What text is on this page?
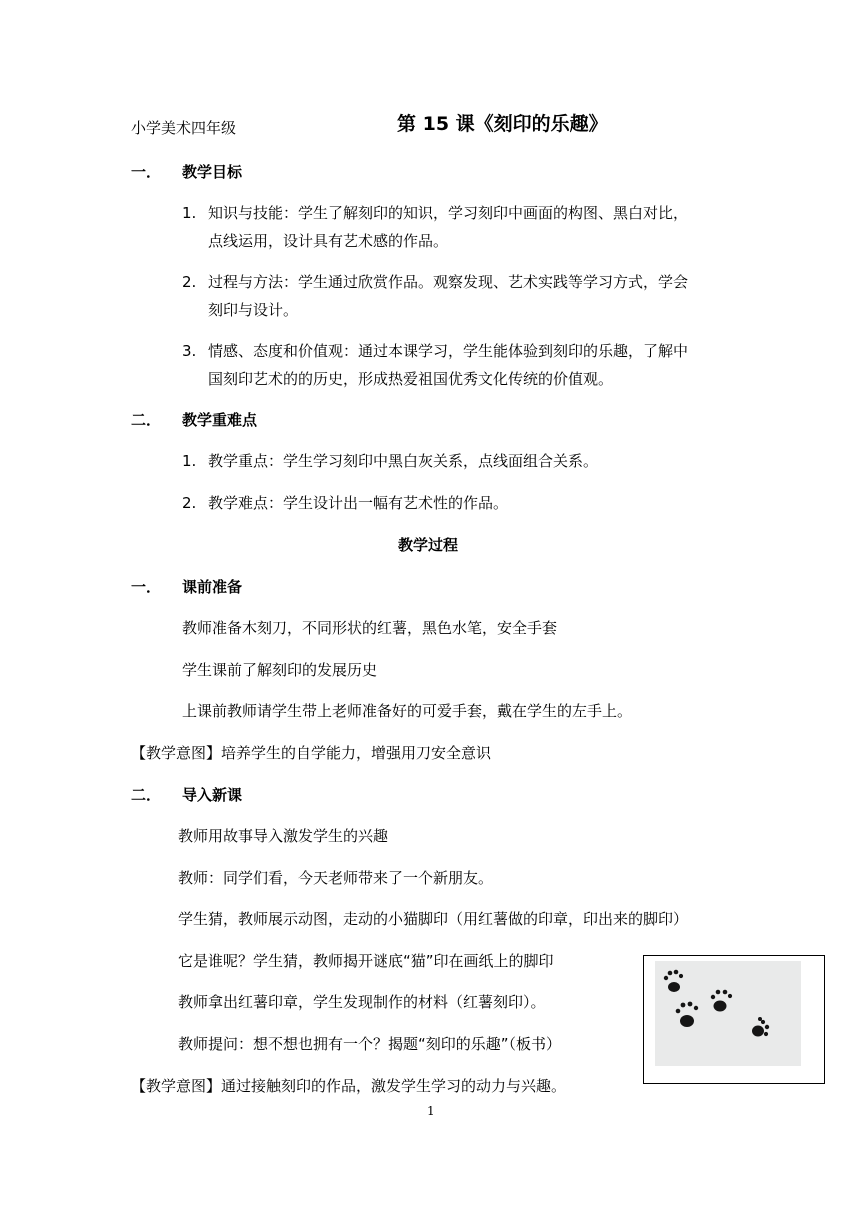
小学美术四年级	第 15 课《刻印的乐趣》
一． 教学目标
1. 知识与技能：学生了解刻印的知识，学习刻印中画面的构图、黑白对比，
点线运用，设计具有艺术感的作品。
2. 过程与方法：学生通过欣赏作品。观察发现、艺术实践等学习方式，学会
刻印与设计。
3. 情感、态度和价值观：通过本课学习，学生能体验到刻印的乐趣，了解中
国刻印艺术的的历史，形成热爱祖国优秀文化传统的价值观。
二． 教学重难点
1. 教学重点：学生学习刻印中黑白灰关系，点线面组合关系。
2. 教学难点：学生设计出一幅有艺术性的作品。
教学过程
一． 课前准备
教师准备木刻刀，不同形状的红薯，黑色水笔，安全手套
学生课前了解刻印的发展历史
上课前教师请学生带上老师准备好的可爱手套，戴在学生的左手上。
【教学意图】培养学生的自学能力，增强用刀安全意识
二． 导入新课
教师用故事导入激发学生的兴趣
教师：同学们看，今天老师带来了一个新朋友。
学生猜，教师展示动图，走动的小猫脚印（用红薯做的印章，印出来的脚印）
它是谁呢？学生猜，教师揭开谜底“猫”印在画纸上的脚印
教师拿出红薯印章，学生发现制作的材料（红薯刻印）。
教师提问：想不想也拥有一个？揭题“刻印的乐趣”（板书）
【教学意图】通过接触刻印的作品，激发学生学习的动力与兴趣。
1
